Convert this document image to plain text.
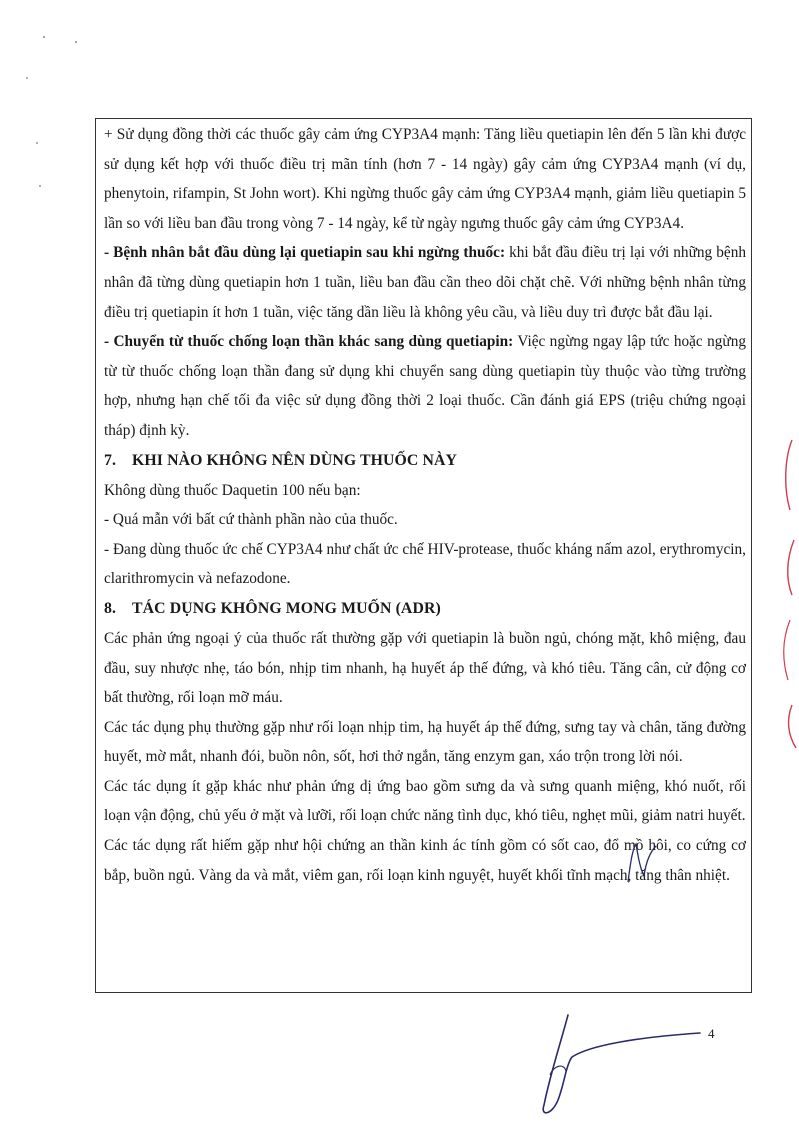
+ Sử dụng đồng thời các thuốc gây cảm ứng CYP3A4 mạnh: Tăng liều quetiapin lên đến 5 lần khi được sử dụng kết hợp với thuốc điều trị mãn tính (hơn 7 - 14 ngày) gây cảm ứng CYP3A4 mạnh (ví dụ, phenytoin, rifampin, St John wort). Khi ngừng thuốc gây cảm ứng CYP3A4 mạnh, giảm liều quetiapin 5 lần so với liều ban đầu trong vòng 7 - 14 ngày, kể từ ngày ngưng thuốc gây cảm ứng CYP3A4.

- Bệnh nhân bắt đầu dùng lại quetiapin sau khi ngừng thuốc: khi bắt đầu điều trị lại với những bệnh nhân đã từng dùng quetiapin hơn 1 tuần, liều ban đầu cần theo dõi chặt chẽ. Với những bệnh nhân từng điều trị quetiapin ít hơn 1 tuần, việc tăng dần liều là không yêu cầu, và liều duy trì được bắt đầu lại.

- Chuyển từ thuốc chống loạn thần khác sang dùng quetiapin: Việc ngừng ngay lập tức hoặc ngừng từ từ thuốc chống loạn thần đang sử dụng khi chuyển sang dùng quetiapin tùy thuộc vào từng trường hợp, nhưng hạn chế tối đa việc sử dụng đồng thời 2 loại thuốc. Cần đánh giá EPS (triệu chứng ngoại tháp) định kỳ.

7. KHI NÀO KHÔNG NÊN DÙNG THUỐC NÀY

Không dùng thuốc Daquetin 100 nếu bạn:

- Quá mẫn với bất cứ thành phần nào của thuốc.

- Đang dùng thuốc ức chế CYP3A4 như chất ức chế HIV-protease, thuốc kháng nấm azol, erythromycin, clarithromycin và nefazodone.

8. TÁC DỤNG KHÔNG MONG MUỐN (ADR)

Các phản ứng ngoại ý của thuốc rất thường gặp với quetiapin là buồn ngủ, chóng mặt, khô miệng, đau đầu, suy nhược nhẹ, táo bón, nhịp tim nhanh, hạ huyết áp thế đứng, và khó tiêu. Tăng cân, cử động cơ bất thường, rối loạn mỡ máu.

Các tác dụng phụ thường gặp như rối loạn nhịp tim, hạ huyết áp thế đứng, sưng tay và chân, tăng đường huyết, mờ mắt, nhanh đói, buồn nôn, sốt, hơi thở ngắn, tăng enzym gan, xáo trộn trong lời nói.

Các tác dụng ít gặp khác như phản ứng dị ứng bao gồm sưng da và sưng quanh miệng, khó nuốt, rối loạn vận động, chủ yếu ở mặt và lưỡi, rối loạn chức năng tình dục, khó tiêu, nghẹt mũi, giảm natri huyết.

Các tác dụng rất hiếm gặp như hội chứng an thần kinh ác tính gồm có sốt cao, đổ mồ hôi, co cứng cơ bắp, buồn ngủ. Vàng da và mắt, viêm gan, rối loạn kinh nguyệt, huyết khối tĩnh mạch, tăng thân nhiệt.

4
